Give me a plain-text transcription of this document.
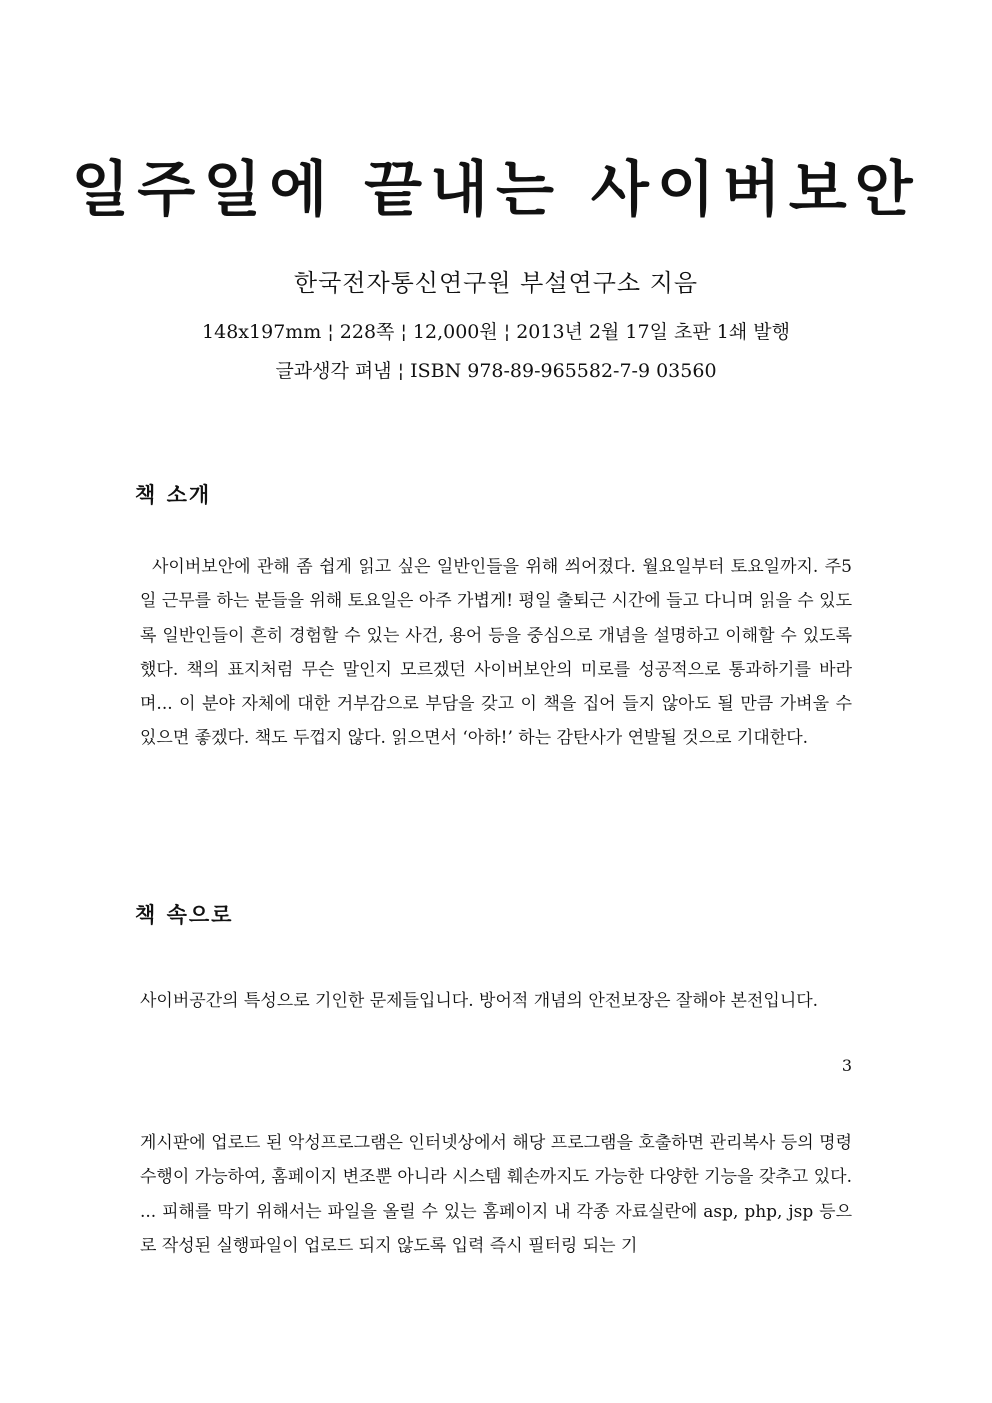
일주일에 끝내는 사이버보안

한국전자통신연구원 부설연구소 지음

148x197mm ¦ 228쪽 ¦ 12,000원 ¦ 2013년 2월 17일 초판 1쇄 발행

글과생각 펴냄 ¦ ISBN 978-89-965582-7-9 03560

책 소개

사이버보안에 관해 좀 쉽게 읽고 싶은 일반인들을 위해 씌어졌다. 월요일부터 토요일까지. 주5일 근무를 하는 분들을 위해 토요일은 아주 가볍게! 평일 출퇴근 시간에 들고 다니며 읽을 수 있도록 일반인들이 흔히 경험할 수 있는 사건, 용어 등을 중심으로 개념을 설명하고 이해할 수 있도록 했다. 책의 표지처럼 무슨 말인지 모르겠던 사이버보안의 미로를 성공적으로 통과하기를 바라며... 이 분야 자체에 대한 거부감으로 부담을 갖고 이 책을 집어 들지 않아도 될 만큼 가벼울 수 있으면 좋겠다. 책도 두껍지 않다. 읽으면서 ‘아하!’ 하는 감탄사가 연발될 것으로 기대한다.

책 속으로

사이버공간의 특성으로 기인한 문제들입니다. 방어적 개념의 안전보장은 잘해야 본전입니다.

3

게시판에 업로드 된 악성프로그램은 인터넷상에서 해당 프로그램을 호출하면 관리복사 등의 명령 수행이 가능하여, 홈페이지 변조뿐 아니라 시스템 훼손까지도 가능한 다양한 기능을 갖추고 있다. ... 피해를 막기 위해서는 파일을 올릴 수 있는 홈페이지 내 각종 자료실란에 asp, php, jsp 등으로 작성된 실행파일이 업로드 되지 않도록 입력 즉시 필터링 되는 기
